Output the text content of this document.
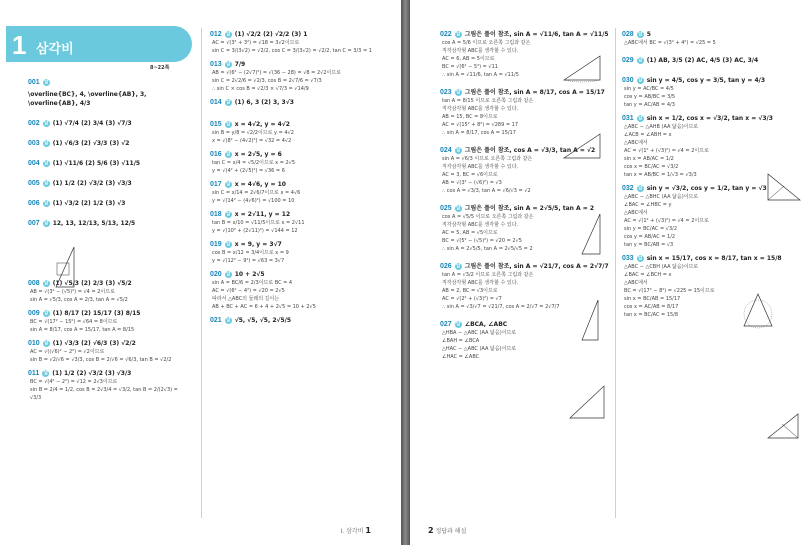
1 삼각비
8~22쪽
001 답
\overline{BC}, 4, \overline{AB}, 3, \overline{AB}, 4/3
002 답 (1) √7/4 (2) 3/4 (3) √7/3
003 답 (1) √6/3 (2) √3/3 (3) √2
004 답 (1) √11/6 (2) 5/6 (3) √11/5
005 답 (1) 1/2 (2) √3/2 (3) √3/3
006 답 (1) √3/2 (2) 1/2 (3) √3
007 답 12, 13, 12/13, 5/13, 12/5
008 답 (1) √5/3 (2) 2/3 (3) √5/2
AB = √(3² − (√5)²) = √4 = 2이므로
sin A = √5/3, cos A = 2/3, tan A = √5/2
009 답 (1) 8/17 (2) 15/17 (3) 8/15
BC = √(17² − 15²) = √64 = 8이므로
sin A = 8/17, cos A = 15/17, tan A = 8/15
010 답 (1) √3/3 (2) √6/3 (3) √2/2
AC = √((√6)² − 2²) = √2이므로
sin B = √2/√6 = √3/3, cos B = 2/√6 = √6/3, tan B = √2/2
011 답 (1) 1/2 (2) √3/2 (3) √3/3
BC = √(4² − 2²) = √12 = 2√3이므로
sin B = 2/4 = 1/2, cos B = 2√3/4 = √3/2, tan B = 2/(2√3) = √3/3
012 답 (1) √2/2 (2) √2/2 (3) 1
AC = √(3² + 3²) = √18 = 3√2이므로
sin C = 3/(3√2) = √2/2, cos C = 3/(3√2) = √2/2, tan C = 3/3 = 1
013 답 7/9
AB = √(6² − (2√7)²) = √(36 − 28) = √8 = 2√2이므로
sin C = 2√2/6 = √2/3, cos B = 2√7/6 = √7/3
∴ sin C × cos B = √2/3 × √7/3 = √14/9
014 답 (1) 6, 3 (2) 3, 3√3
015 답 x = 4√2, y = 4√2
sin B = y/8 = √2/2이므로 y = 4√2
x = √(8² − (4√2)²) = √32 = 4√2
016 답 x = 2√5, y = 6
tan C = x/4 = √5/2이므로 x = 2√5
y = √(4² + (2√5)²) = √36 = 6
017 답 x = 4√6, y = 10
sin C = x/14 = 2√6/7이므로 x = 4√6
y = √(14² − (4√6)²) = √100 = 10
018 답 x = 2√11, y = 12
tan B = x/10 = √11/5이므로 x = 2√11
y = √(10² + (2√11)²) = √144 = 12
019 답 x = 9, y = 3√7
cos B = x/12 = 3/4이므로 x = 9
y = √(12² − 9²) = √63 = 3√7
020 답 10 + 2√5
sin A = BC/6 = 2/3이므로 BC = 4
AC = √(6² − 4²) = √20 = 2√5
따라서 △ABC의 둘레의 길이는
AB + BC + AC = 6 + 4 + 2√5 = 10 + 2√5
021 답 √5, √5, √5, 2√5/5
I. 삼각비 1
022 답 그림은 풀이 참조, sin A = √11/6, tan A = √11/5
cos A = 5/6 이므로 오른쪽 그림과 같은
직각삼각형 ABC를 생각할 수 있다.
AC = 6, AB = 5이므로
BC = √(6² − 5²) = √11
∴ sin A = √11/6, tan A = √11/5
023 답 그림은 풀이 참조, sin A = 8/17, cos A = 15/17
tan A = 8/15 이므로 오른쪽 그림과 같은
직각삼각형 ABC를 생각할 수 있다.
AB = 15, BC = 8이므로
AC = √(15² + 8²) = √289 = 17
∴ sin A = 8/17, cos A = 15/17
024 답 그림은 풀이 참조, cos A = √3/3, tan A = √2
sin A = √6/3 이므로 오른쪽 그림과 같은
직각삼각형 ABC를 생각할 수 있다.
AC = 3, BC = √6이므로
AB = √(3² − (√6)²) = √3
∴ cos A = √3/3, tan A = √6/√3 = √2
025 답 그림은 풀이 참조, sin A = 2√5/5, tan A = 2
cos A = √5/5 이므로 오른쪽 그림과 같은
직각삼각형 ABC를 생각할 수 있다.
AC = 5, AB = √5이므로
BC = √(5² − (√5)²) = √20 = 2√5
∴ sin A = 2√5/5, tan A = 2√5/√5 = 2
026 답 그림은 풀이 참조, sin A = √21/7, cos A = 2√7/7
tan A = √3/2 이므로 오른쪽 그림과 같은
직각삼각형 ABC를 생각할 수 있다.
AB = 2, BC = √3이므로
AC = √(2² + (√3)²) = √7
∴ sin A = √3/√7 = √21/7, cos A = 2/√7 = 2√7/7
027 답 ∠BCA, ∠ABC
△HBA ∽ △ABC (AA 닮음)이므로
∠BAH = ∠BCA
△HAC ∽ △ABC (AA 닮음)이므로
∠HAC = ∠ABC
028 답 5
△ABC에서 BC = √(3² + 4²) = √25 = 5
029 답 (1) AB, 3/5 (2) AC, 4/5 (3) AC, 3/4
030 답 sin y = 4/5, cos y = 3/5, tan y = 4/3
sin y = AC/BC = 4/5
cos y = AB/BC = 3/5
tan y = AC/AB = 4/3
031 답 sin x = 1/2, cos x = √3/2, tan x = √3/3
△ABC ∽ △AHB (AA 닮음)이므로
∠ACB = ∠ABH = x
△ABC에서
AC = √(1² + (√3)²) = √4 = 2이므로
sin x = AB/AC = 1/2
cos x = BC/AC = √3/2
tan x = AB/BC = 1/√3 = √3/3
032 답 sin y = √3/2, cos y = 1/2, tan y = √3
△ABC ∽ △BHC (AA 닮음)이므로
∠BAC = ∠HBC = y
△ABC에서
AC = √(1² + (√3)²) = √4 = 2이므로
sin y = BC/AC = √3/2
cos y = AB/AC = 1/2
tan y = BC/AB = √3
033 답 sin x = 15/17, cos x = 8/17, tan x = 15/8
△ABC ∽ △CBH (AA 닮음)이므로
∠BAC = ∠BCH = x
△ABC에서
BC = √(17² − 8²) = √225 = 15이므로
sin x = BC/AB = 15/17
cos x = AC/AB = 8/17
tan x = BC/AC = 15/8
2 정답과 해설
